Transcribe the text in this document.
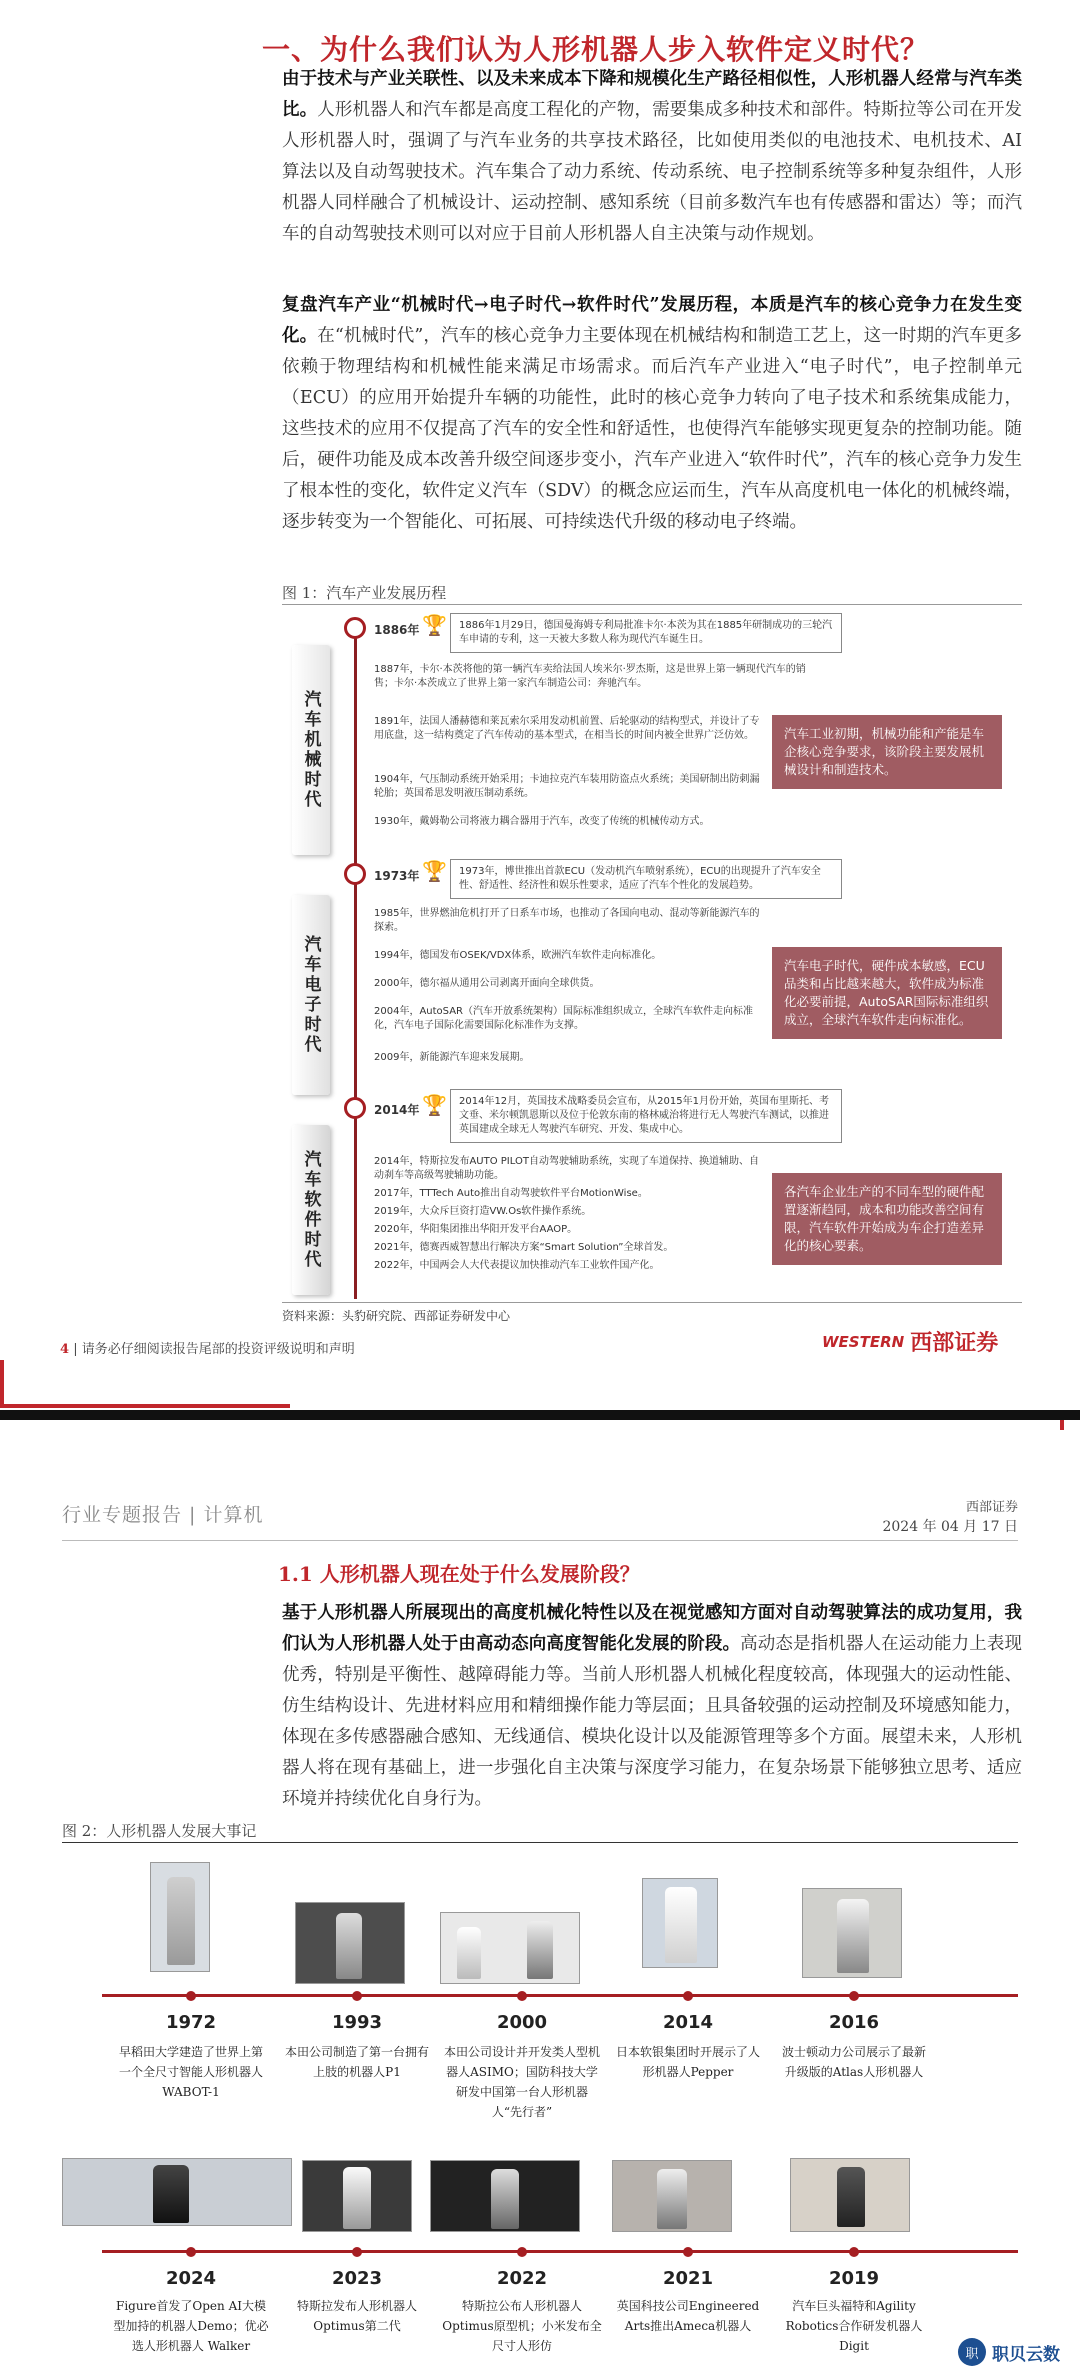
一、为什么我们认为人形机器人步入软件定义时代？
由于技术与产业关联性、以及未来成本下降和规模化生产路径相似性，人形机器人经常与汽车类比。人形机器人和汽车都是高度工程化的产物，需要集成多种技术和部件。特斯拉等公司在开发人形机器人时，强调了与汽车业务的共享技术路径，比如使用类似的电池技术、电机技术、AI 算法以及自动驾驶技术。汽车集合了动力系统、传动系统、电子控制系统等多种复杂组件，人形机器人同样融合了机械设计、运动控制、感知系统（目前多数汽车也有传感器和雷达）等；而汽车的自动驾驶技术则可以对应于目前人形机器人自主决策与动作规划。
复盘汽车产业“机械时代→电子时代→软件时代”发展历程，本质是汽车的核心竞争力在发生变化。在“机械时代”，汽车的核心竞争力主要体现在机械结构和制造工艺上，这一时期的汽车更多依赖于物理结构和机械性能来满足市场需求。而后汽车产业进入“电子时代”，电子控制单元（ECU）的应用开始提升车辆的功能性，此时的核心竞争力转向了电子技术和系统集成能力，这些技术的应用不仅提高了汽车的安全性和舒适性，也使得汽车能够实现更复杂的控制功能。随后，硬件功能及成本改善升级空间逐步变小，汽车产业进入“软件时代”，汽车的核心竞争力发生了根本性的变化，软件定义汽车（SDV）的概念应运而生，汽车从高度机电一体化的机械终端，逐步转变为一个智能化、可拓展、可持续迭代升级的移动电子终端。
图 1：汽车产业发展历程
汽车机械时代
汽车电子时代
汽车软件时代
1886年 🏆	1886年1月29日，德国曼海姆专利局批准卡尔·本茨为其在1885年研制成功的三轮汽车申请的专利，这一天被大多数人称为现代汽车诞生日。
1887年，卡尔·本茨将他的第一辆汽车卖给法国人埃米尔·罗杰斯，这是世界上第一辆现代汽车的销售；卡尔·本茨成立了世界上第一家汽车制造公司：奔驰汽车。
1891年，法国人潘赫德和莱瓦索尔采用发动机前置、后轮驱动的结构型式，并设计了专用底盘，这一结构奠定了汽车传动的基本型式，在相当长的时间内被全世界广泛仿效。
1904年，气压制动系统开始采用；卡迪拉克汽车装用防盗点火系统；美国研制出防刺漏轮胎；英国希思发明液压制动系统。
1930年，戴姆勒公司将液力耦合器用于汽车，改变了传统的机械传动方式。
汽车工业初期，机械功能和产能是车企核心竞争要求，该阶段主要发展机械设计和制造技术。
1973年 🏆	1973年，博世推出首款ECU（发动机汽车喷射系统），ECU的出现提升了汽车安全性、舒适性、经济性和娱乐性要求，适应了汽车个性化的发展趋势。
1985年，世界燃油危机打开了日系车市场，也推动了各国向电动、混动等新能源汽车的探索。
1994年，德国发布OSEK/VDX体系，欧洲汽车软件走向标准化。
2000年，德尔福从通用公司剥离开面向全球供货。
2004年，AutoSAR（汽车开放系统架构）国际标准组织成立，全球汽车软件走向标准化，汽车电子国际化需要国际化标准作为支撑。
2009年，新能源汽车迎来发展期。
汽车电子时代，硬件成本敏感，ECU品类和占比越来越大，软件成为标准化必要前提，AutoSAR国际标准组织成立，全球汽车软件走向标准化。
2014年 🏆	2014年12月，英国技术战略委员会宣布，从2015年1月份开始，英国布里斯托、考文垂、米尔顿凯恩斯以及位于伦敦东南的格林威治将进行无人驾驶汽车测试，以推进英国建成全球无人驾驶汽车研究、开发、集成中心。
2014年，特斯拉发布AUTO PILOT自动驾驶辅助系统，实现了车道保持、换道辅助、自动刹车等高级驾驶辅助功能。
2017年，TTTech Auto推出自动驾驶软件平台MotionWise。
2019年，大众斥巨资打造VW.Os软件操作系统。
2020年，华阳集团推出华阳开发平台AAOP。
2021年，德赛西威智慧出行解决方案“Smart Solution”全球首发。
2022年，中国两会人大代表提议加快推动汽车工业软件国产化。
各汽车企业生产的不同车型的硬件配置逐渐趋同，成本和功能改善空间有限，汽车软件开始成为车企打造差异化的核心要素。
资料来源：头豹研究院、西部证券研发中心
4 | 请务必仔细阅读报告尾部的投资评级说明和声明	WESTERN 西部证券
行业专题报告 | 计算机	西部证券
2024 年 04 月 17 日
1.1 人形机器人现在处于什么发展阶段？
基于人形机器人所展现出的高度机械化特性以及在视觉感知方面对自动驾驶算法的成功复用，我们认为人形机器人处于由高动态向高度智能化发展的阶段。高动态是指机器人在运动能力上表现优秀，特别是平衡性、越障碍能力等。当前人形机器人机械化程度较高，体现强大的运动性能、仿生结构设计、先进材料应用和精细操作能力等层面；且具备较强的运动控制及环境感知能力，体现在多传感器融合感知、无线通信、模块化设计以及能源管理等多个方面。展望未来，人形机器人将在现有基础上，进一步强化自主决策与深度学习能力，在复杂场景下能够独立思考、适应环境并持续优化自身行为。
图 2：人形机器人发展大事记
1972	1993	2000	2014	2016
早稻田大学建造了世界上第一个全尺寸智能人形机器人 WABOT-1
本田公司制造了第一台拥有上肢的机器人P1
本田公司设计并开发类人型机器人ASIMO；国防科技大学研发中国第一台人形机器人“先行者”
日本软银集团时开展示了人形机器人Pepper
波士顿动力公司展示了最新升级版的Atlas人形机器人
2024	2023	2022	2021	2019
Figure首发了Open AI大模型加持的机器人Demo；优必选人形机器人 Walker
特斯拉发布人形机器人Optimus第二代
特斯拉公布人形机器人Optimus原型机；小米发布全尺寸人形仿
英国科技公司Engineered Arts推出Ameca机器人
汽车巨头福特和Agility Robotics合作研发机器人Digit
职 职贝云数
